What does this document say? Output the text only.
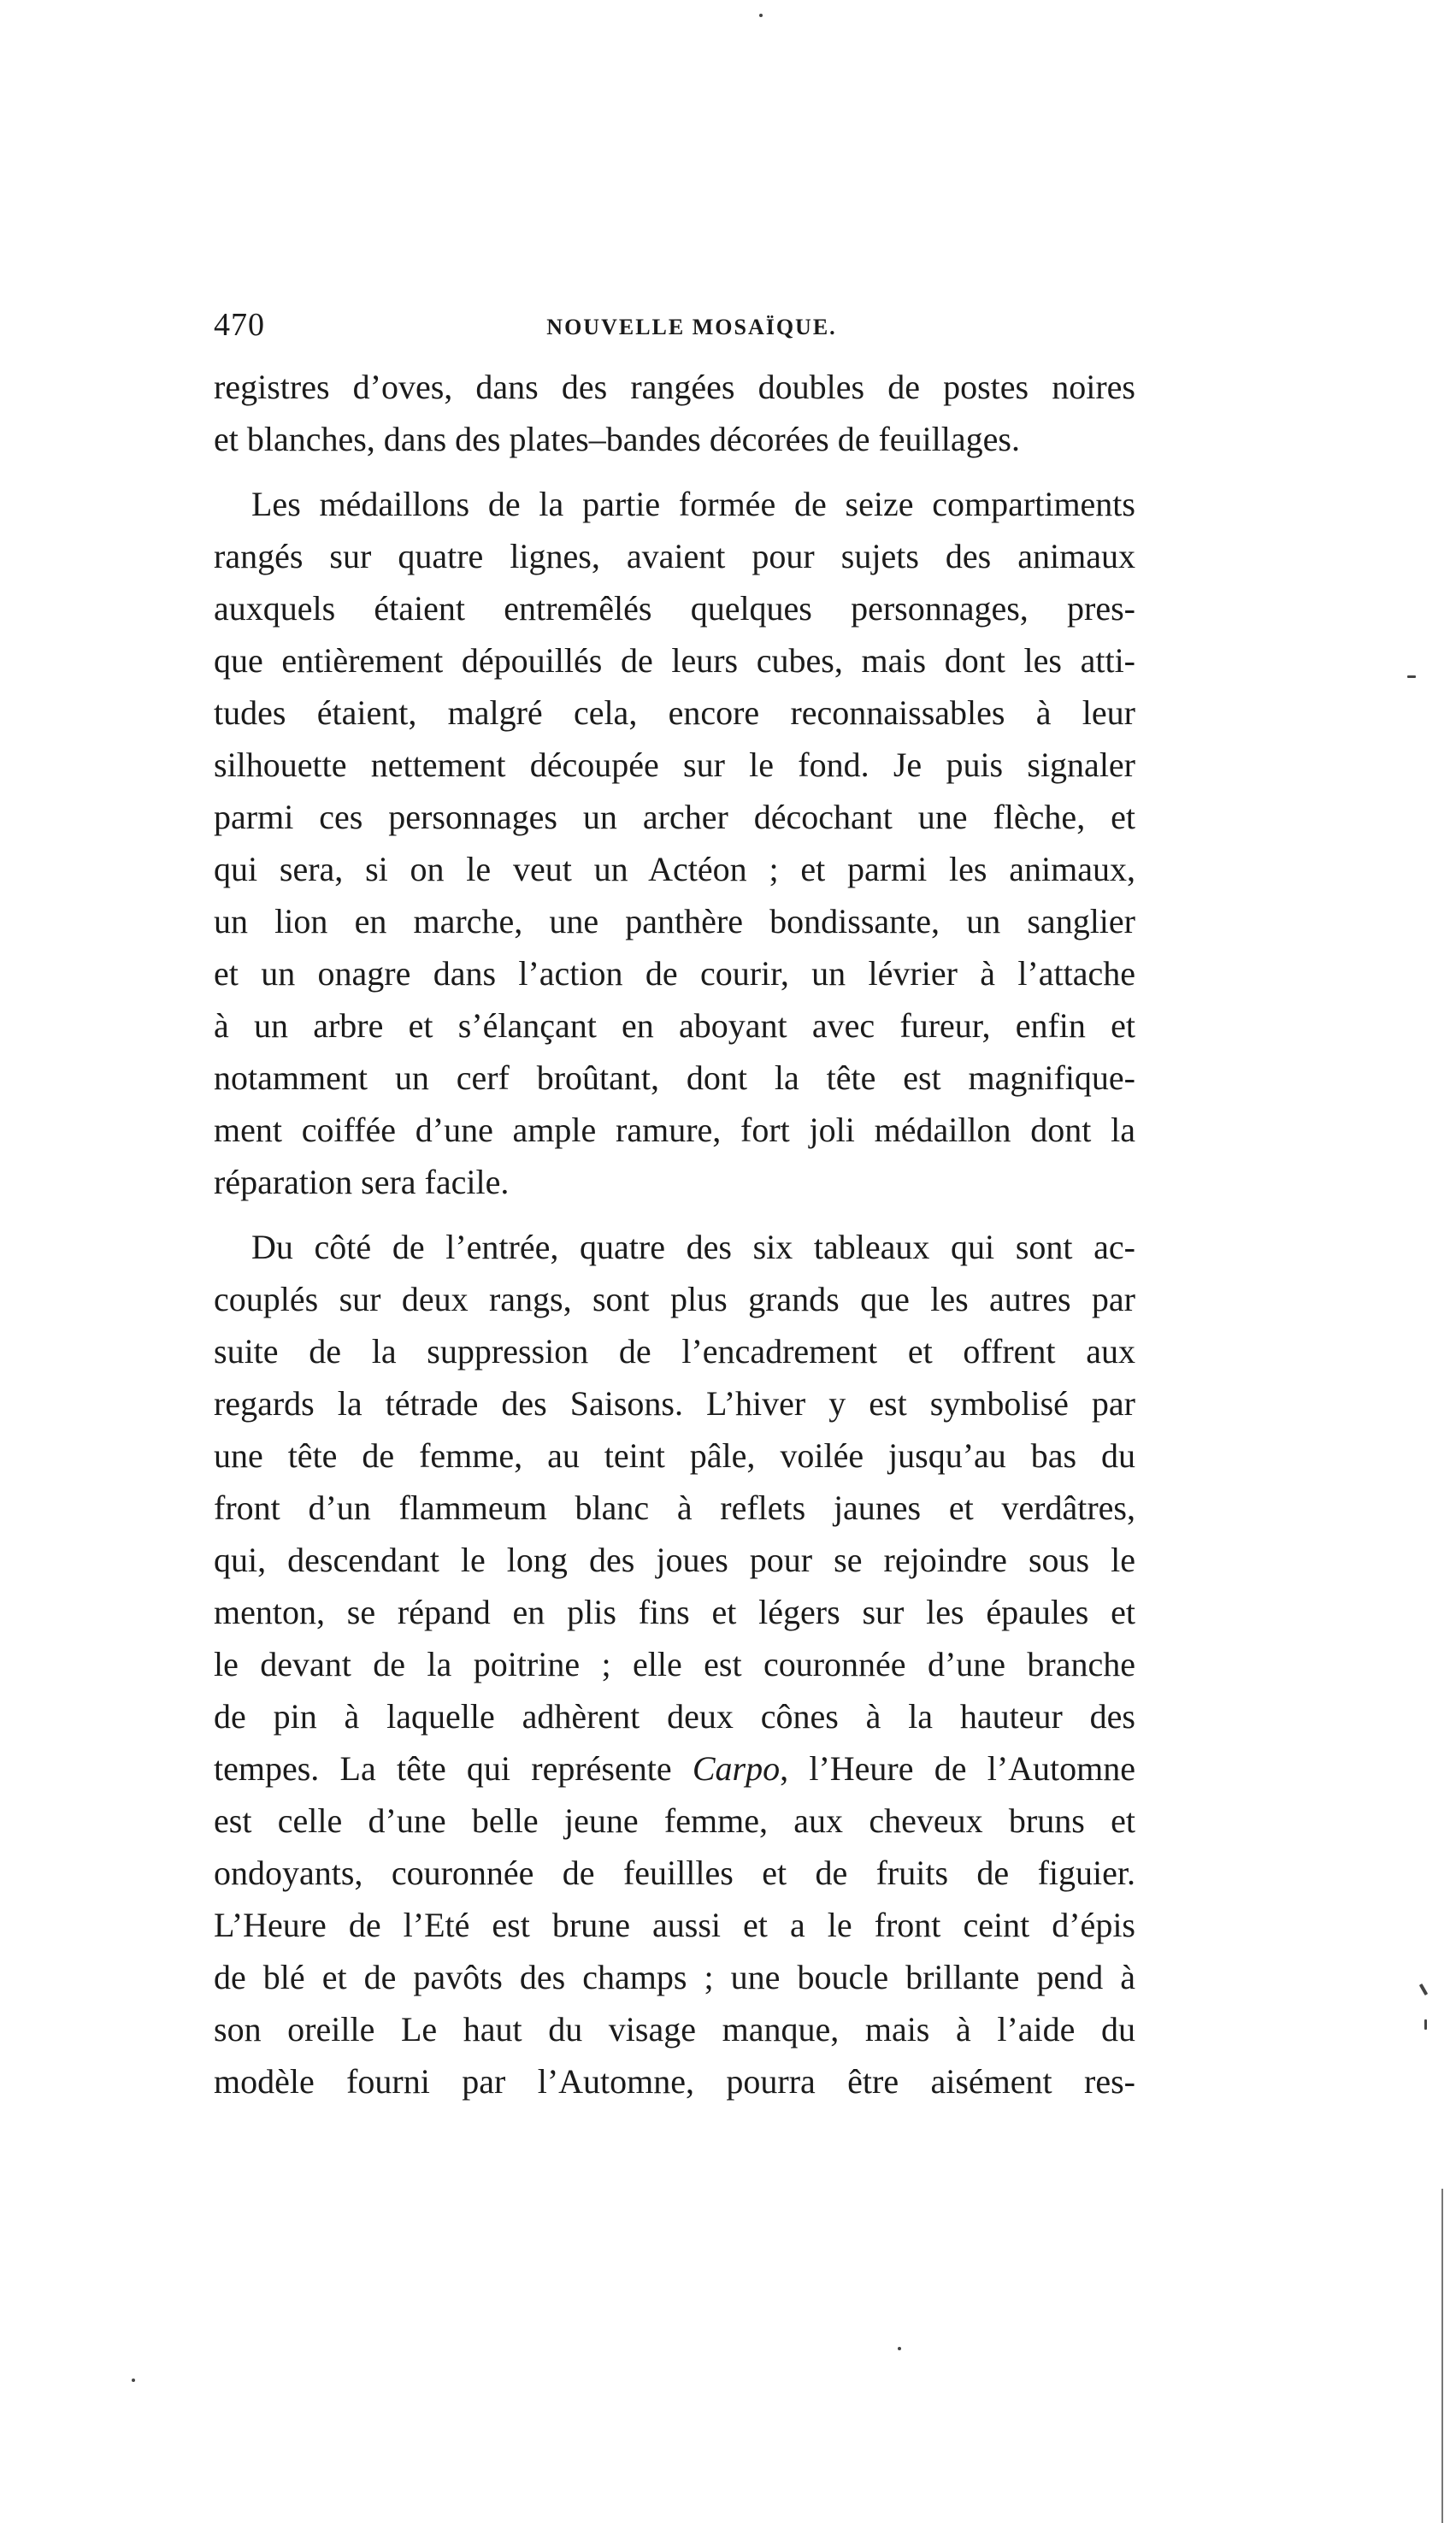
470	NOUVELLE MOSAÏQUE.
registres d’oves, dans des rangées doubles de postes noires
et blanches, dans des plates–bandes décorées de feuillages.
Les médaillons de la partie formée de seize compartiments
rangés sur quatre lignes, avaient pour sujets des animaux
auxquels étaient entremêlés quelques personnages, pres-
que entièrement dépouillés de leurs cubes, mais dont les atti-
tudes étaient, malgré cela, encore reconnaissables à leur
silhouette nettement découpée sur le fond. Je puis signaler
parmi ces personnages un archer décochant une flèche, et
qui sera, si on le veut un Actéon ; et parmi les animaux,
un lion en marche, une panthère bondissante, un sanglier
et un onagre dans l’action de courir, un lévrier à l’attache
à un arbre et s’élançant en aboyant avec fureur, enfin et
notamment un cerf broûtant, dont la tête est magnifique-
ment coiffée d’une ample ramure, fort joli médaillon dont la
réparation sera facile.
Du côté de l’entrée, quatre des six tableaux qui sont ac-
couplés sur deux rangs, sont plus grands que les autres par
suite de la suppression de l’encadrement et offrent aux
regards la tétrade des Saisons. L’hiver y est symbolisé par
une tête de femme, au teint pâle, voilée jusqu’au bas du
front d’un flammeum blanc à reflets jaunes et verdâtres,
qui, descendant le long des joues pour se rejoindre sous le
menton, se répand en plis fins et légers sur les épaules et
le devant de la poitrine ; elle est couronnée d’une branche
de pin à laquelle adhèrent deux cônes à la hauteur des
tempes. La tête qui représente Carpo, l’Heure de l’Automne
est celle d’une belle jeune femme, aux cheveux bruns et
ondoyants, couronnée de feuillles et de fruits de figuier.
L’Heure de l’Eté est brune aussi et a le front ceint d’épis
de blé et de pavôts des champs ; une boucle brillante pend à
son oreille Le haut du visage manque, mais à l’aide du
modèle fourni par l’Automne, pourra être aisément res-
